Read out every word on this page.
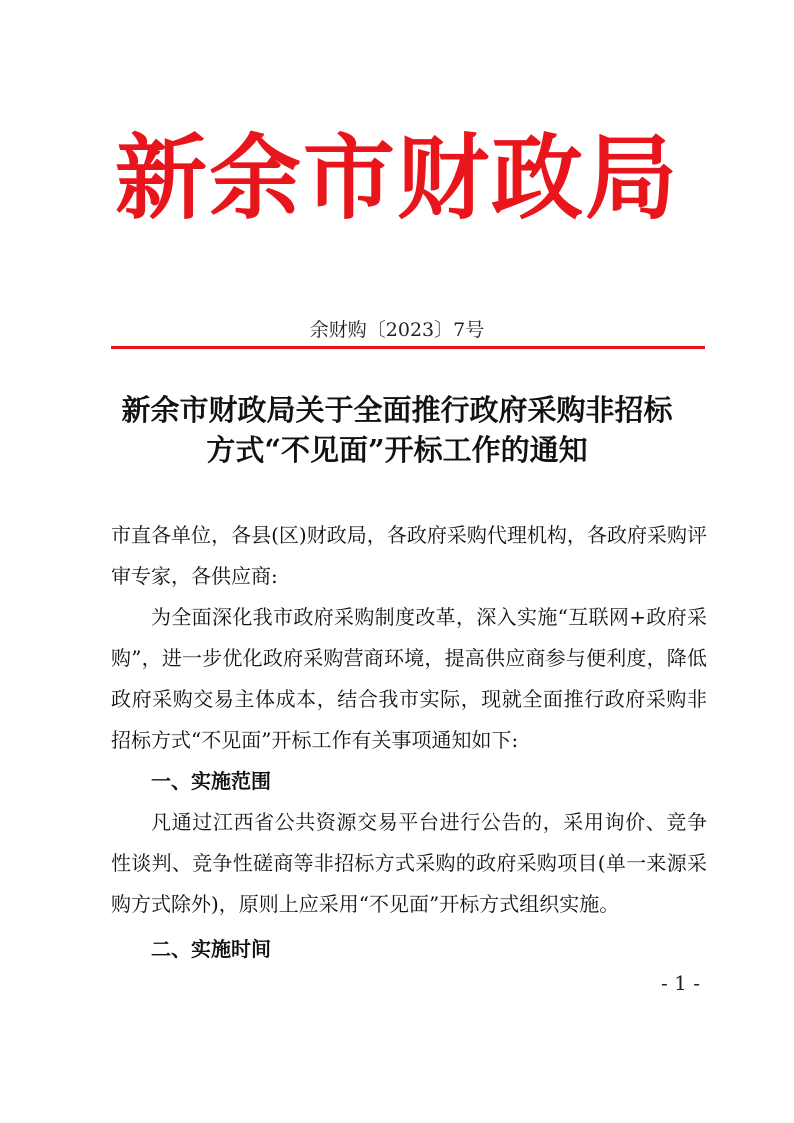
新余市财政局
余财购〔2023〕7号
新余市财政局关于全面推行政府采购非招标
方式“不见面”开标工作的通知

市直各单位，各县(区)财政局，各政府采购代理机构，各政府采购评审专家，各供应商:

为全面深化我市政府采购制度改革，深入实施“互联网+政府采购”，进一步优化政府采购营商环境，提高供应商参与便利度，降低政府采购交易主体成本，结合我市实际，现就全面推行政府采购非招标方式“不见面”开标工作有关事项通知如下:

一、实施范围

凡通过江西省公共资源交易平台进行公告的，采用询价、竞争性谈判、竞争性磋商等非招标方式采购的政府采购项目(单一来源采购方式除外)，原则上应采用“不见面”开标方式组织实施。

二、实施时间

- 1 -
